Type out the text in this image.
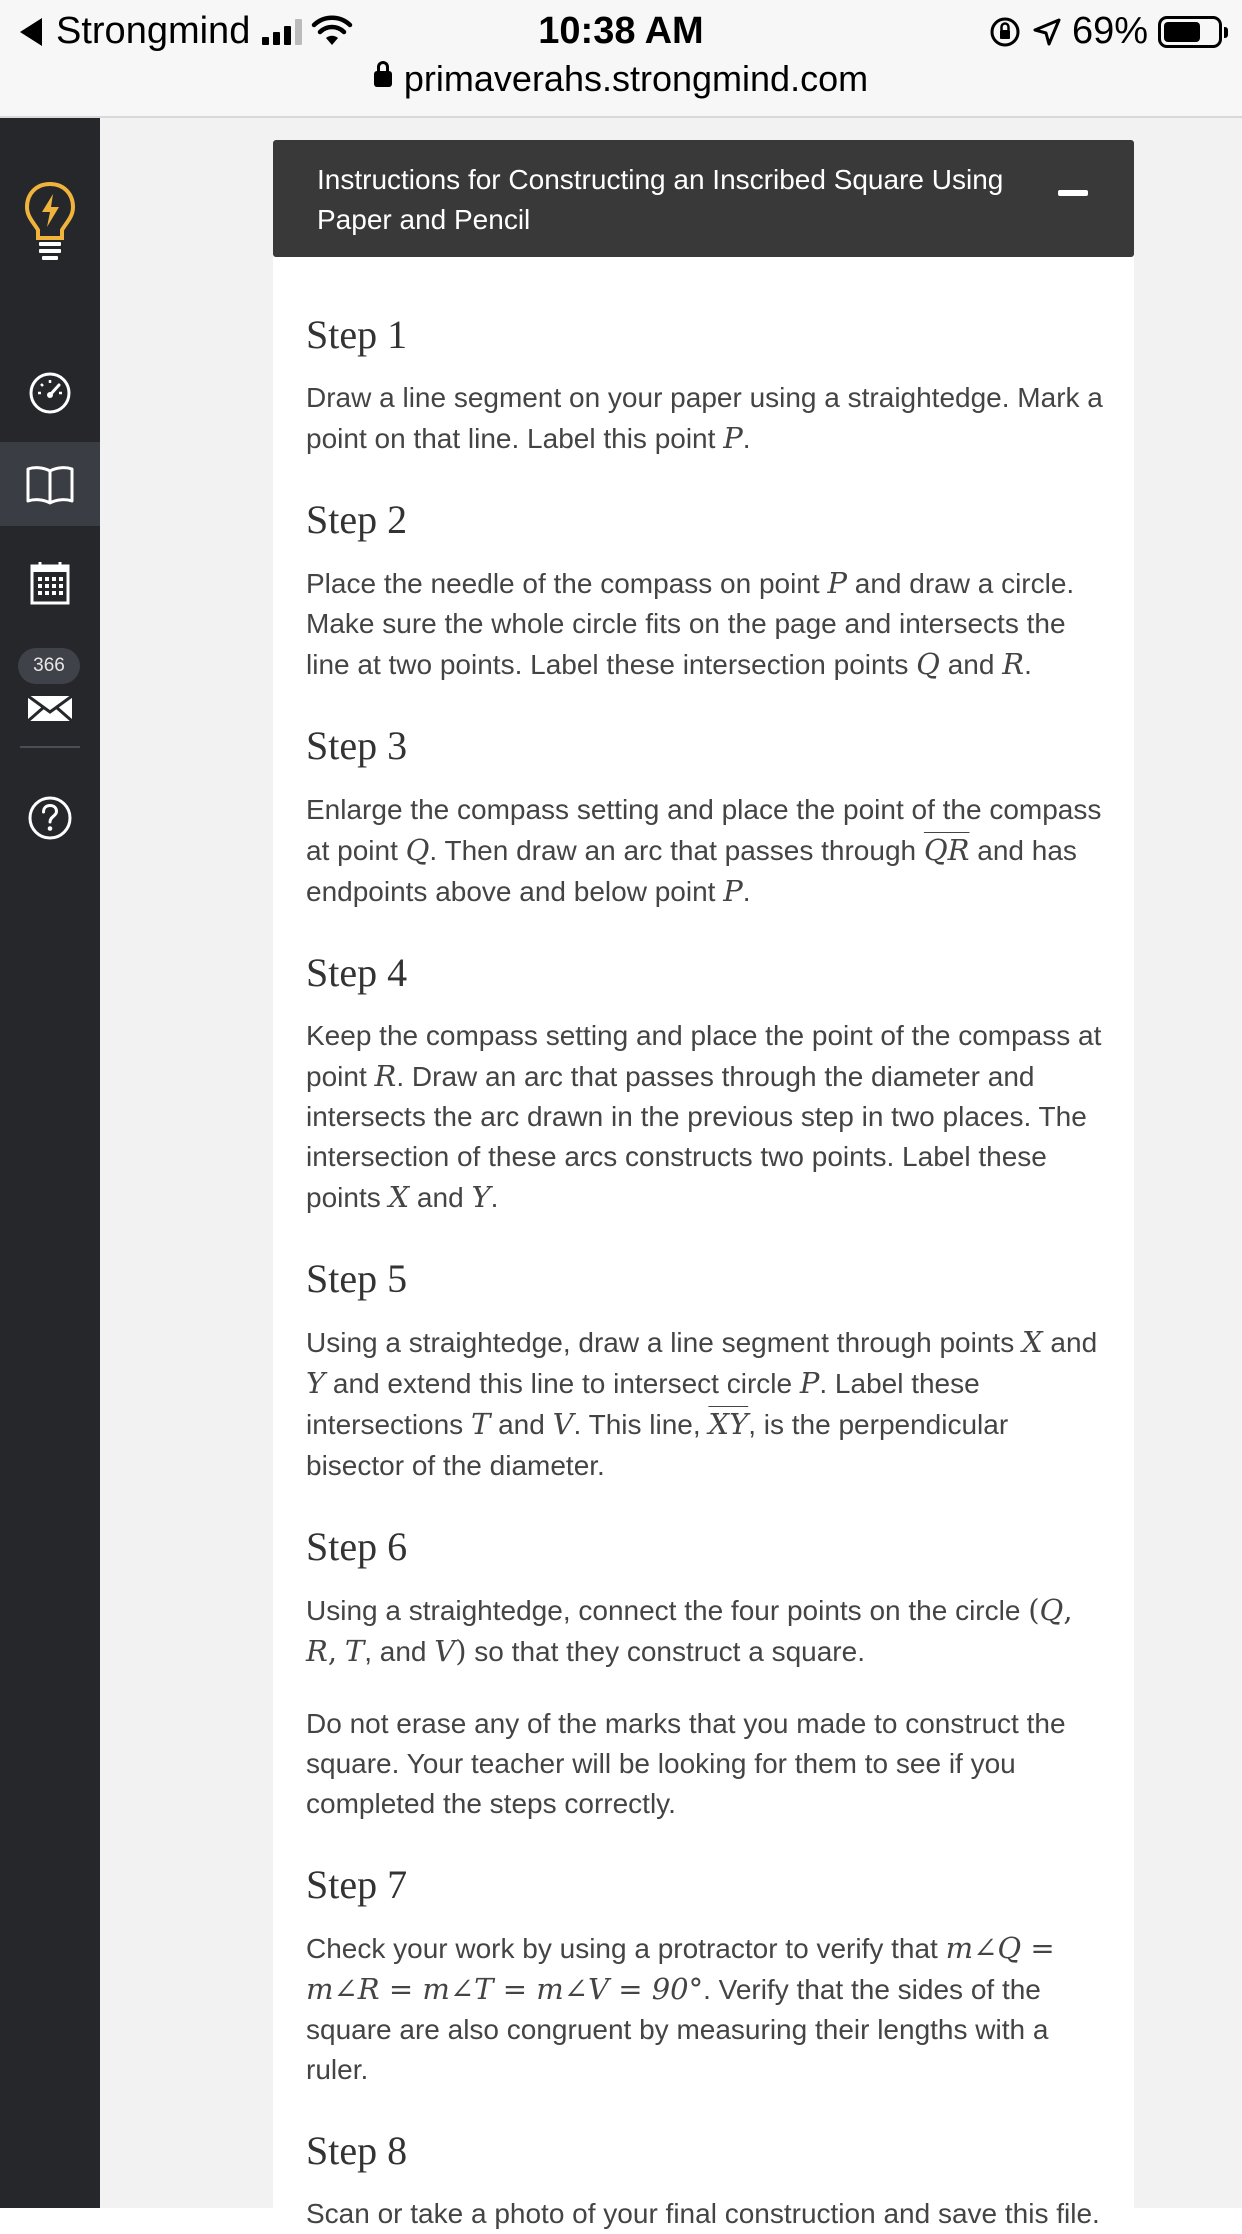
Strongmind	10:38 AM	69%
primaverahs.strongmind.com
366
Instructions for Constructing an Inscribed Square Using Paper and Pencil
Step 1

Draw a line segment on your paper using a straightedge. Mark a point on that line. Label this point P.

Step 2

Place the needle of the compass on point P and draw a circle. Make sure the whole circle fits on the page and intersects the line at two points. Label these intersection points Q and R.

Step 3

Enlarge the compass setting and place the point of the compass at point Q. Then draw an arc that passes through $\overline{QR}$ and has endpoints above and below point P.

Step 4

Keep the compass setting and place the point of the compass at point R. Draw an arc that passes through the diameter and intersects the arc drawn in the previous step in two places. The intersection of these arcs constructs two points. Label these points X and Y.

Step 5

Using a straightedge, draw a line segment through points X and Y and extend this line to intersect circle P. Label these intersections T and V. This line, $\overline{XY}$, is the perpendicular bisector of the diameter.

Step 6

Using a straightedge, connect the four points on the circle (Q, R, T, and V) so that they construct a square.

Do not erase any of the marks that you made to construct the square. Your teacher will be looking for them to see if you completed the steps correctly.

Step 7

Check your work by using a protractor to verify that m∠Q = m∠R = m∠T = m∠V = 90°. Verify that the sides of the square are also congruent by measuring their lengths with a ruler.

Step 8

Scan or take a photo of your final construction and save this file.
